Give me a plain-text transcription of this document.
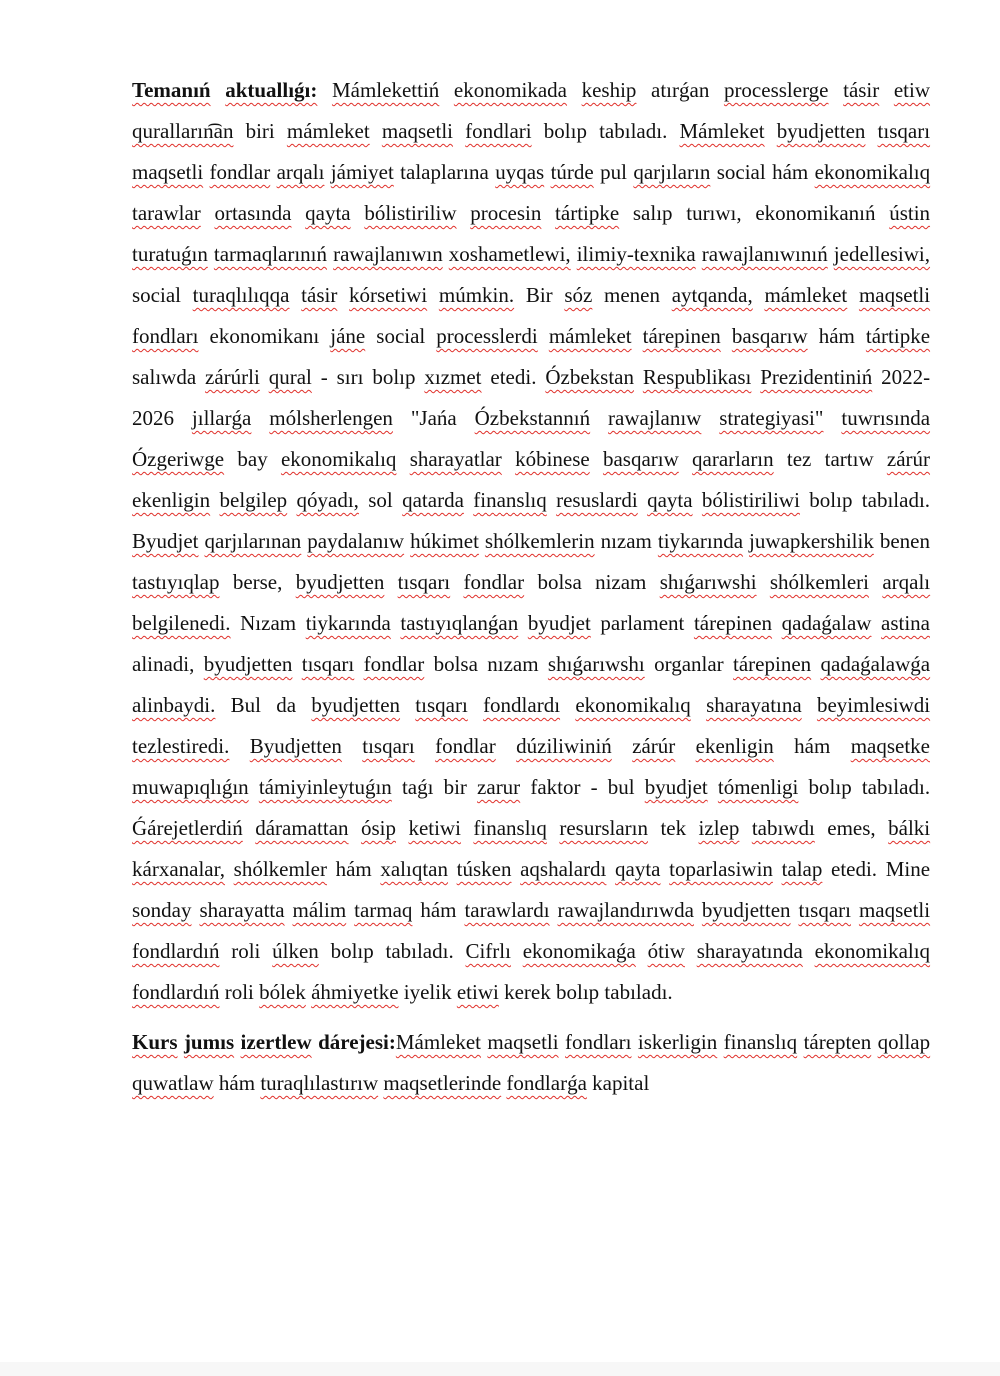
Temanıń aktuallıǵı: Mámlekettiń ekonomikada keship atırǵan processlerge tásir etiw quralların͡an biri mámleket maqsetli fondlari bolıp tabıladı. Mámleket byudjetten tısqarı maqsetli fondlar arqalı jámiyet talaplarına uyqas túrde pul qarjıların social hám ekonomikalıq tarawlar ortasında qayta bólistiriliw procesin tártipke salıp turıwı, ekonomikanıń ústin turatuǵın tarmaqlarınıń rawajlanıwın xoshametlewi, ilimiy-texnika rawajlanıwınıń jedellesiwi, social turaqlılıqqa tásir kórsetiwi múmkin. Bir sóz menen aytqanda, mámleket maqsetli fondları ekonomikanı jáne social processlerdi mámleket tárepinen basqarıw hám tártipke salıwda zárúrli qural - sırı bolıp xızmet etedi. Ózbekstan Respublikası Prezidentiniń 2022-2026 jıllarǵa mólsherlengen "Jańa Ózbekstannıń rawajlanıw strategiyasi" tuwrısında Ózgeriwge bay ekonomikalıq sharayatlar kóbinese basqarıw qararların tez tartıw zárúr ekenligin belgilep qóyadı, sol qatarda finanslıq resuslardi qayta bólistiriliwi bolıp tabıladı. Byudjet qarjılarınan paydalanıw húkimet shólkemlerin nızam tiykarında juwapkershilik benen tastıyıqlap berse, byudjetten tısqarı fondlar bolsa nizam shıǵarıwshi shólkemleri arqalı belgilenedi. Nızam tiykarında tastıyıqlanǵan byudjet parlament tárepinen qadaǵalaw astina alinadi, byudjetten tısqarı fondlar bolsa nızam shıǵarıwshı organlar tárepinen qadaǵalawǵa alinbaydi. Bul da byudjetten tısqarı fondlardı ekonomikalıq sharayatına beyimlesiwdi tezlestiredi. Byudjetten tısqarı fondlar dúziliwiniń zárúr ekenligin hám maqsetke muwapıqlıǵın támiyinleytuǵın taǵı bir zarur faktor - bul byudjet tómenligi bolıp tabıladı. Ǵárejetlerdiń dáramattan ósip ketiwi finanslıq resursların tek izlep tabıwdı emes, bálki kárxanalar, shólkemler hám xalıqtan túsken aqshalardı qayta toparlasiwin talap etedi. Mine sonday sharayatta málim tarmaq hám tarawlardı rawajlandırıwda byudjetten tısqarı maqsetli fondlardıń roli úlken bolıp tabıladı. Cifrlı ekonomikaǵa ótiw sharayatında ekonomikalıq fondlardıń roli bólek áhmiyetke iyelik etiwi kerek bolıp tabıladı.

Kurs jumıs izertlew dárejesi:Mámleket maqsetli fondları iskerligin finanslıq tárepten qollap quwatlaw hám turaqlılastırıw maqsetlerinde fondlarǵa kapital
